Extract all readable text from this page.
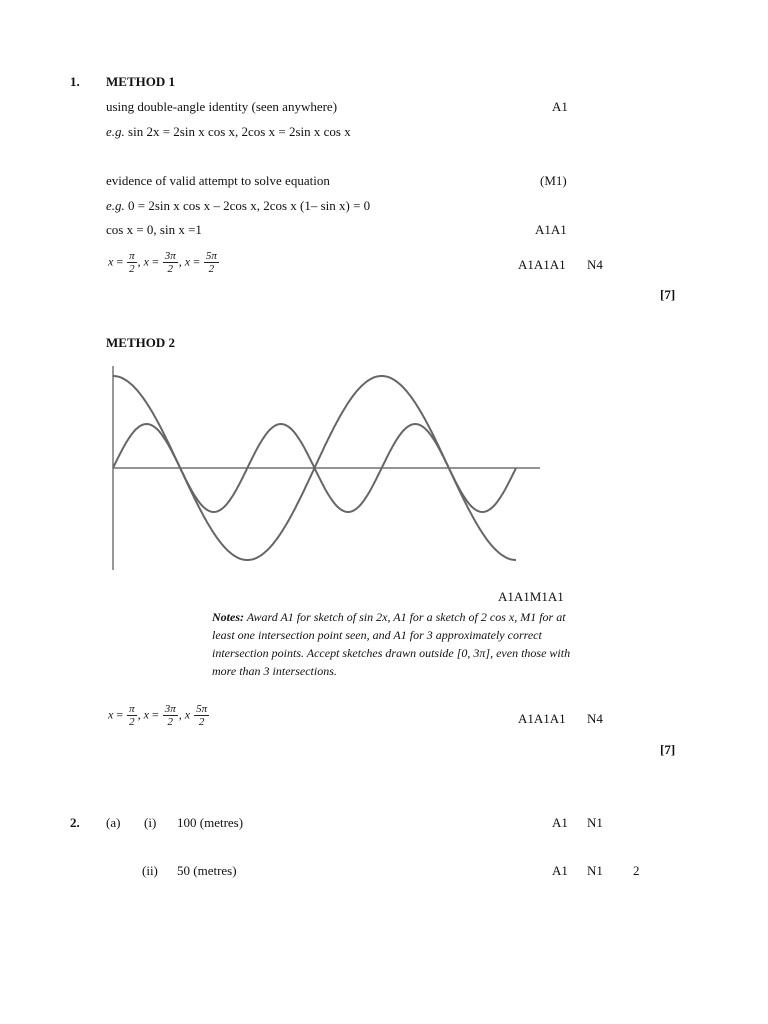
1. METHOD 1
using double-angle identity (seen anywhere)	A1
e.g. sin 2x = 2sin x cos x, 2cos x = 2sin x cos x
evidence of valid attempt to solve equation	(M1)
e.g. 0 = 2sin x cos x – 2cos x, 2cos x (1– sin x) = 0
cos x = 0, sin x =1	A1A1
$x = \frac{\pi}{2}$ , $x = \frac{3\pi}{2}$ , $x = \frac{5\pi}{2}$	A1A1A1 N4
[7]
METHOD 2
A1A1M1A1
Notes: Award A1 for sketch of sin 2x, A1 for a sketch of 2 cos x, M1 for at least one intersection point seen, and A1 for 3 approximately correct intersection points. Accept sketches drawn outside [0, 3π], even those with more than 3 intersections.
$x = \frac{\pi}{2}$ , $x = \frac{3\pi}{2}$ , x $\frac{5\pi}{2}$	A1A1A1 N4
[7]
2. (a) (i) 100 (metres)	A1 N1
(ii) 50 (metres)	A1 N1 2
